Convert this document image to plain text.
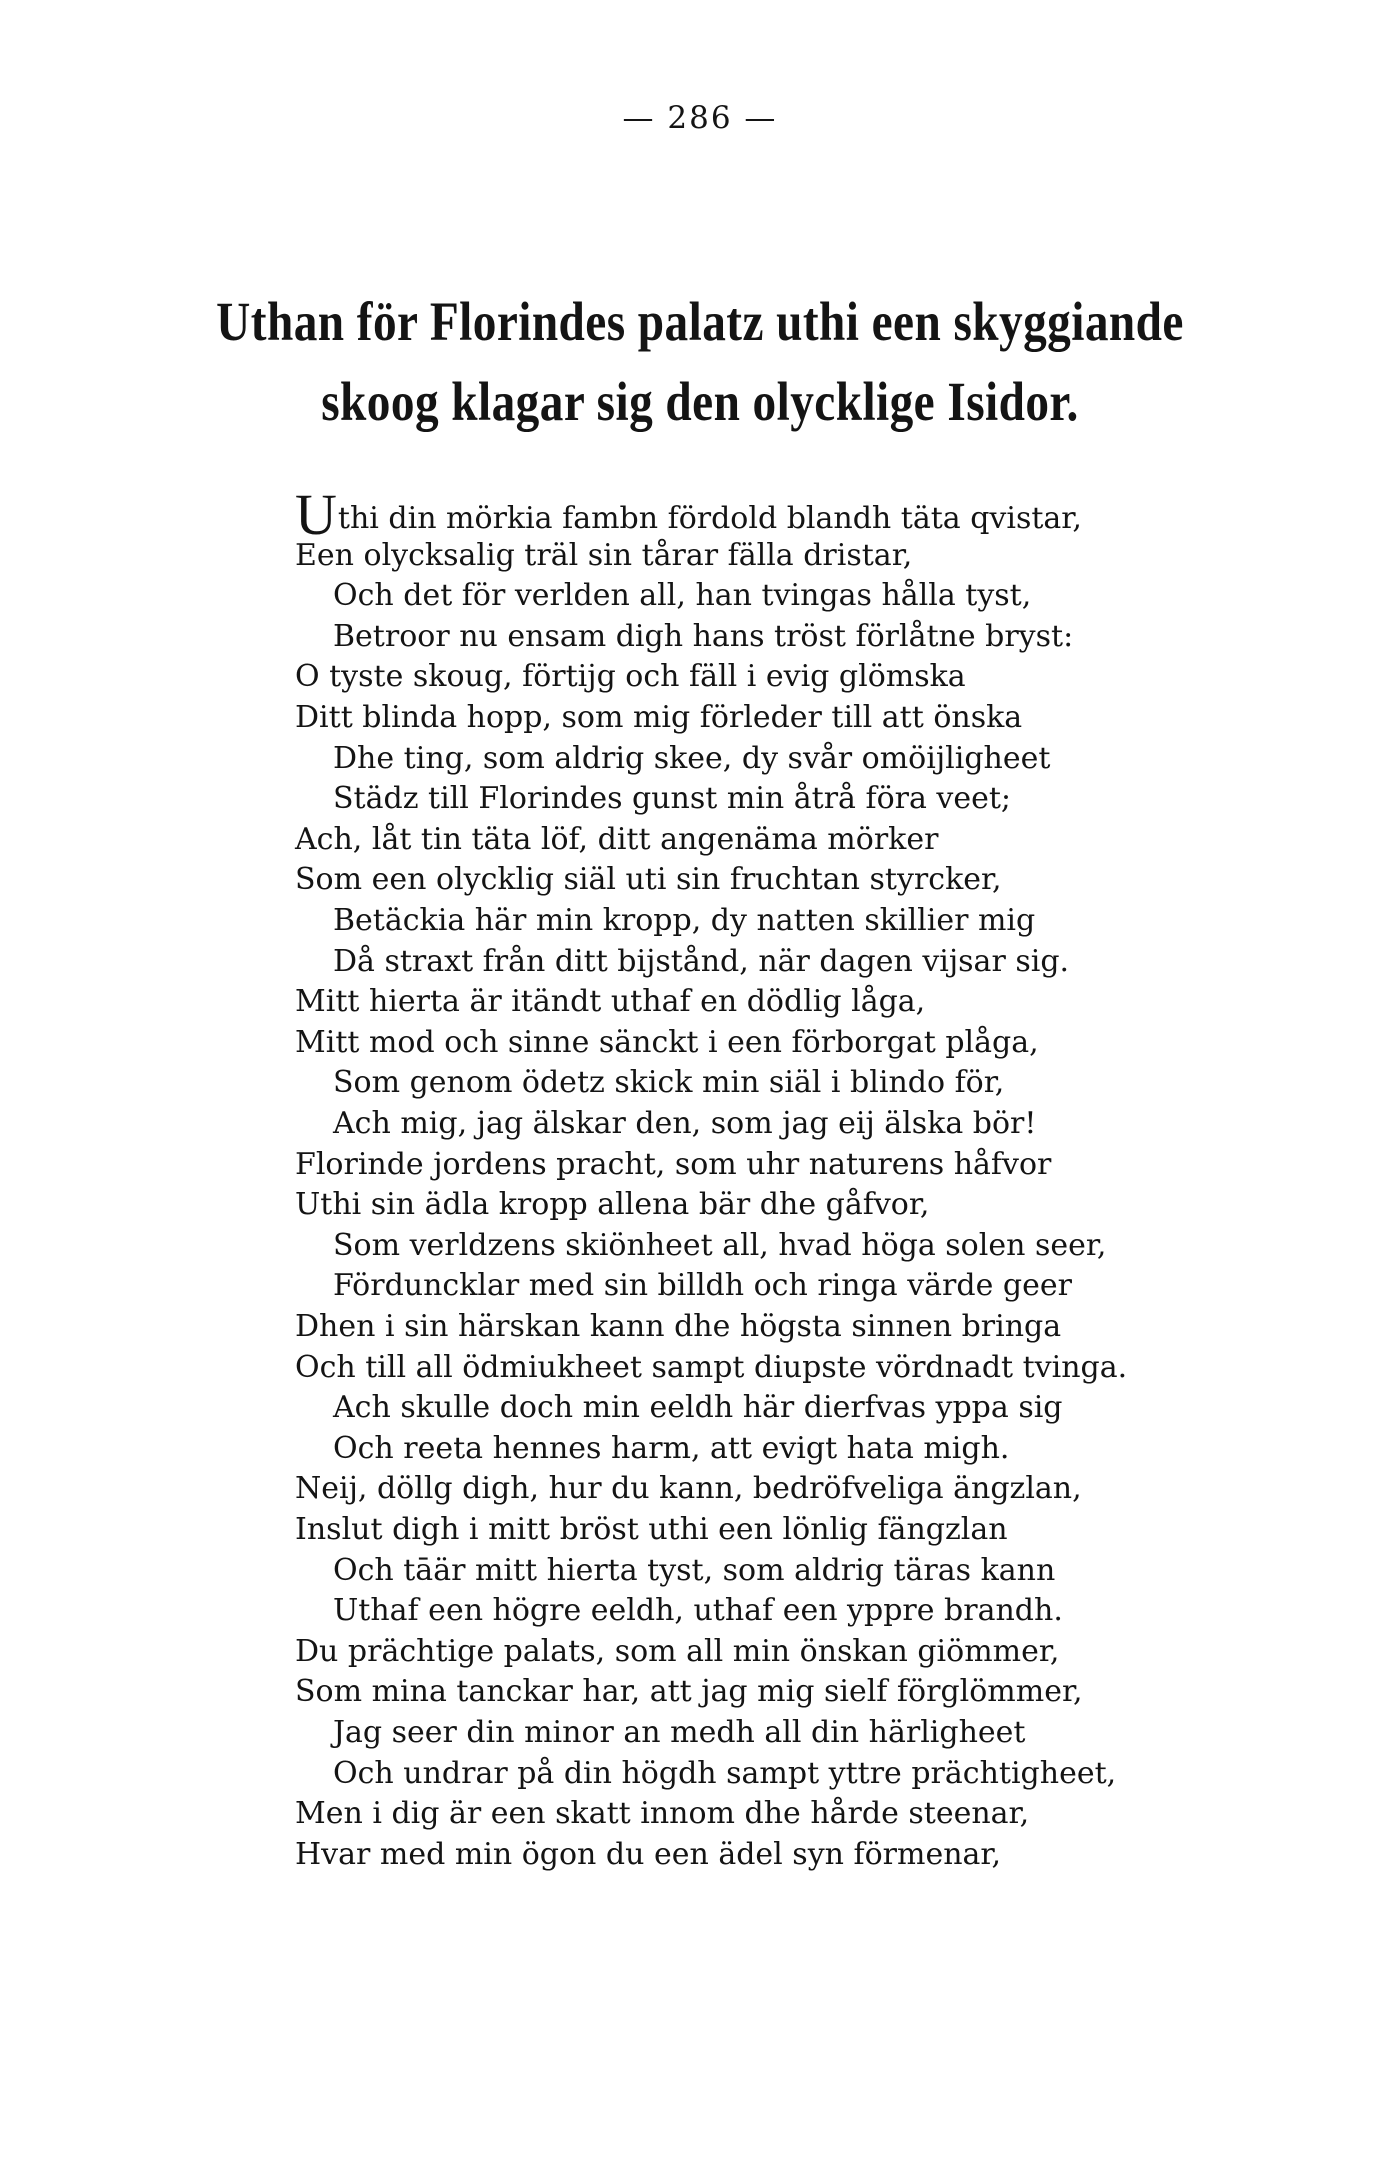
— 286 —
Uthan för Florindes palatz uthi een skyggiande
skoog klagar sig den olycklige Isidor.
Uthi din mörkia fambn fördold blandh täta qvistar,
Een olycksalig träl sin tårar fälla dristar,
Och det för verlden all, han tvingas hålla tyst,
Betroor nu ensam digh hans tröst förlåtne bryst:
O tyste skoug, förtijg och fäll i evig glömska
Ditt blinda hopp, som mig förleder till att önska
Dhe ting, som aldrig skee, dy svår omöijligheet
Städz till Florindes gunst min åtrå föra veet;
Ach, låt tin täta löf, ditt angenäma mörker
Som een olycklig siäl uti sin fruchtan styrcker,
Betäckia här min kropp, dy natten skillier mig
Då straxt från ditt bijstånd, när dagen vijsar sig.
Mitt hierta är itändt uthaf en dödlig låga,
Mitt mod och sinne sänckt i een förborgat plåga,
Som genom ödetz skick min siäl i blindo för,
Ach mig, jag älskar den, som jag eij älska bör!
Florinde jordens pracht, som uhr naturens håfvor
Uthi sin ädla kropp allena bär dhe gåfvor,
Som verldzens skiönheet all, hvad höga solen seer,
Förduncklar med sin billdh och ringa värde geer
Dhen i sin härskan kann dhe högsta sinnen bringa
Och till all ödmiukheet sampt diupste vördnadt tvinga.
Ach skulle doch min eeldh här dierfvas yppa sig
Och reeta hennes harm, att evigt hata migh.
Neij, döllg digh, hur du kann, bedröfveliga ängzlan,
Inslut digh i mitt bröst uthi een lönlig fängzlan
Och tāär mitt hierta tyst, som aldrig täras kann
Uthaf een högre eeldh, uthaf een yppre brandh.
Du prächtige palats, som all min önskan giömmer,
Som mina tanckar har, att jag mig sielf förglömmer,
Jag seer din minor an medh all din härligheet
Och undrar på din högdh sampt yttre prächtigheet,
Men i dig är een skatt innom dhe hårde steenar,
Hvar med min ögon du een ädel syn förmenar,
